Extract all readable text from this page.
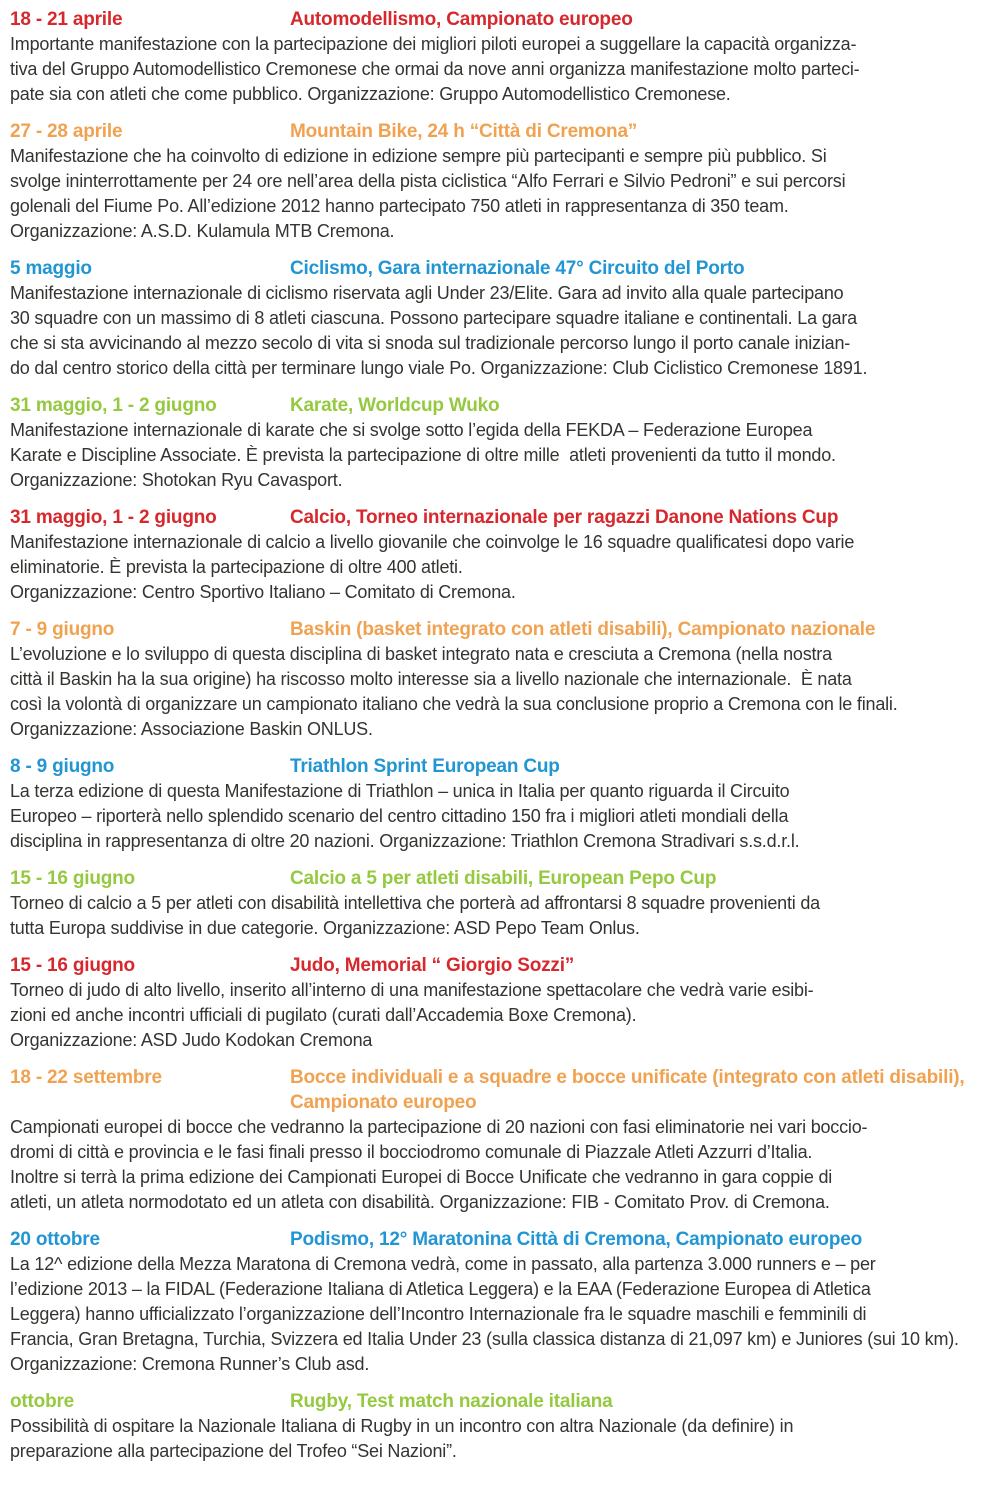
18 - 21 aprile	Automodellismo, Campionato europeo
Importante manifestazione con la partecipazione dei migliori piloti europei a suggellare la capacità organizza-
tiva del Gruppo Automodellistico Cremonese che ormai da nove anni organizza manifestazione molto parteci-
pate sia con atleti che come pubblico. Organizzazione: Gruppo Automodellistico Cremonese.
27 - 28 aprile	Mountain Bike, 24 h “Città di Cremona”
Manifestazione che ha coinvolto di edizione in edizione sempre più partecipanti e sempre più pubblico. Si
svolge ininterrottamente per 24 ore nell’area della pista ciclistica “Alfo Ferrari e Silvio Pedroni” e sui percorsi
golenali del Fiume Po. All’edizione 2012 hanno partecipato 750 atleti in rappresentanza di 350 team.
Organizzazione: A.S.D. Kulamula MTB Cremona.
5 maggio	Ciclismo, Gara internazionale 47° Circuito del Porto
Manifestazione internazionale di ciclismo riservata agli Under 23/Elite. Gara ad invito alla quale partecipano
30 squadre con un massimo di 8 atleti ciascuna. Possono partecipare squadre italiane e continentali. La gara
che si sta avvicinando al mezzo secolo di vita si snoda sul tradizionale percorso lungo il porto canale inizian-
do dal centro storico della città per terminare lungo viale Po. Organizzazione: Club Ciclistico Cremonese 1891.
31 maggio, 1 - 2 giugno	Karate, Worldcup Wuko
Manifestazione internazionale di karate che si svolge sotto l’egida della FEKDA – Federazione Europea
Karate e Discipline Associate. È prevista la partecipazione di oltre mille  atleti provenienti da tutto il mondo.
Organizzazione: Shotokan Ryu Cavasport.
31 maggio, 1 - 2 giugno	Calcio, Torneo internazionale per ragazzi Danone Nations Cup
Manifestazione internazionale di calcio a livello giovanile che coinvolge le 16 squadre qualificatesi dopo varie
eliminatorie. È prevista la partecipazione di oltre 400 atleti.
Organizzazione: Centro Sportivo Italiano – Comitato di Cremona.
7 - 9 giugno	Baskin (basket integrato con atleti disabili), Campionato nazionale
L’evoluzione e lo sviluppo di questa disciplina di basket integrato nata e cresciuta a Cremona (nella nostra
città il Baskin ha la sua origine) ha riscosso molto interesse sia a livello nazionale che internazionale.  È nata
così la volontà di organizzare un campionato italiano che vedrà la sua conclusione proprio a Cremona con le finali.
Organizzazione: Associazione Baskin ONLUS.
8 - 9 giugno	Triathlon Sprint European Cup
La terza edizione di questa Manifestazione di Triathlon – unica in Italia per quanto riguarda il Circuito
Europeo – riporterà nello splendido scenario del centro cittadino 150 fra i migliori atleti mondiali della
disciplina in rappresentanza di oltre 20 nazioni. Organizzazione: Triathlon Cremona Stradivari s.s.d.r.l.
15 - 16 giugno	Calcio a 5 per atleti disabili, European Pepo Cup
Torneo di calcio a 5 per atleti con disabilità intellettiva che porterà ad affrontarsi 8 squadre provenienti da
tutta Europa suddivise in due categorie. Organizzazione: ASD Pepo Team Onlus.
15 - 16 giugno	Judo, Memorial “ Giorgio Sozzi”
Torneo di judo di alto livello, inserito all’interno di una manifestazione spettacolare che vedrà varie esibi-
zioni ed anche incontri ufficiali di pugilato (curati dall’Accademia Boxe Cremona).
Organizzazione: ASD Judo Kodokan Cremona
18 - 22 settembre	Bocce individuali e a squadre e bocce unificate (integrato con atleti disabili), Campionato europeo
Campionati europei di bocce che vedranno la partecipazione di 20 nazioni con fasi eliminatorie nei vari boccio-
dromi di città e provincia e le fasi finali presso il bocciodromo comunale di Piazzale Atleti Azzurri d’Italia.
Inoltre si terrà la prima edizione dei Campionati Europei di Bocce Unificate che vedranno in gara coppie di
atleti, un atleta normodotato ed un atleta con disabilità. Organizzazione: FIB - Comitato Prov. di Cremona.
20 ottobre	Podismo, 12° Maratonina Città di Cremona, Campionato europeo
La 12^ edizione della Mezza Maratona di Cremona vedrà, come in passato, alla partenza 3.000 runners e – per
l’edizione 2013 – la FIDAL (Federazione Italiana di Atletica Leggera) e la EAA (Federazione Europea di Atletica
Leggera) hanno ufficializzato l’organizzazione dell’Incontro Internazionale fra le squadre maschili e femminili di
Francia, Gran Bretagna, Turchia, Svizzera ed Italia Under 23 (sulla classica distanza di 21,097 km) e Juniores (sui 10 km).
Organizzazione: Cremona Runner’s Club asd.
ottobre	Rugby, Test match nazionale italiana
Possibilità di ospitare la Nazionale Italiana di Rugby in un incontro con altra Nazionale (da definire) in
preparazione alla partecipazione del Trofeo “Sei Nazioni”.
